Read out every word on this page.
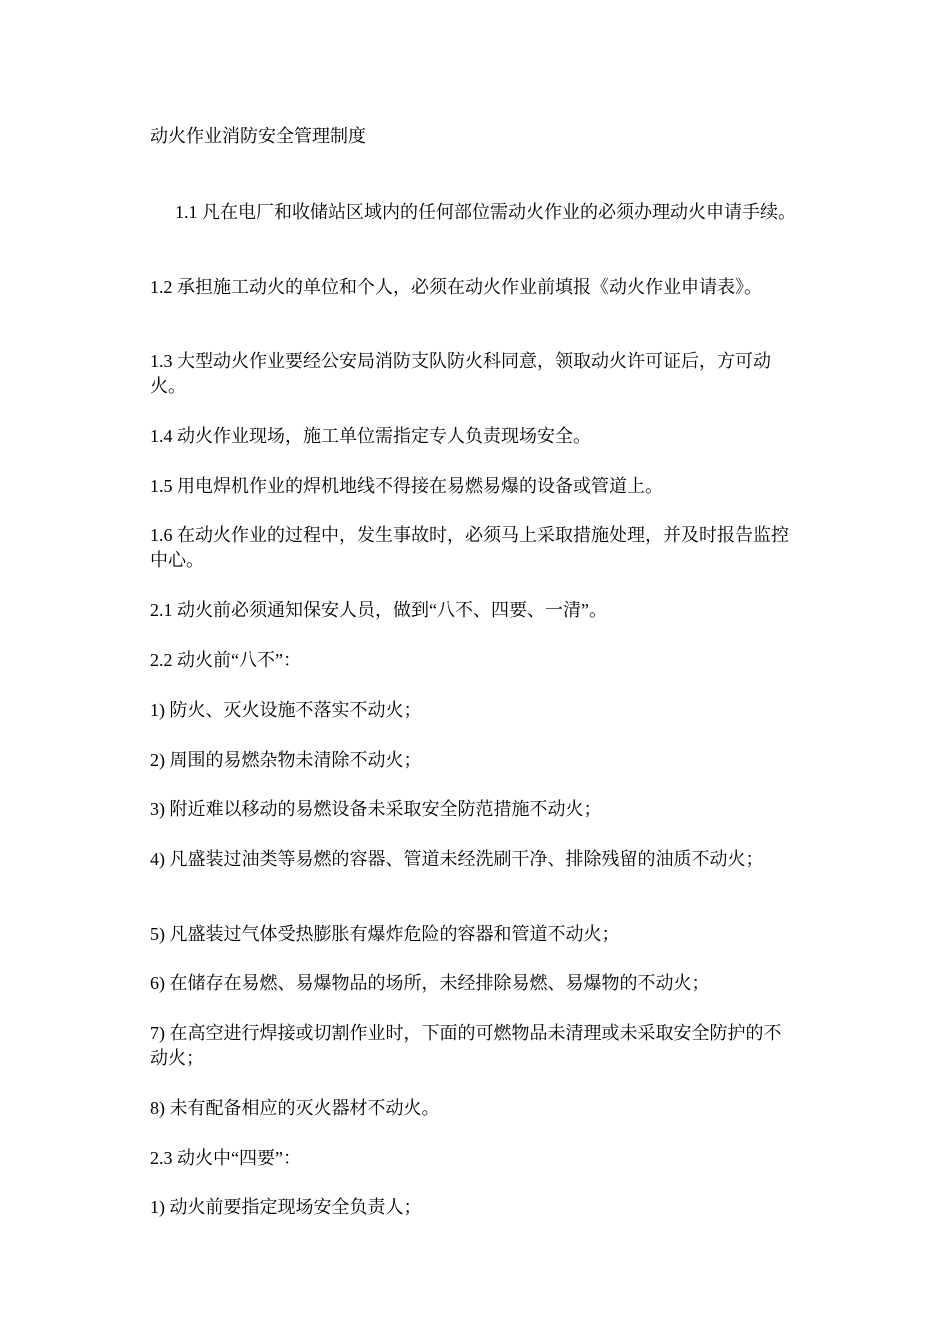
动火作业消防安全管理制度

1.1 凡在电厂和收储站区域内的任何部位需动火作业的必须办理动火申请手续。

1.2 承担施工动火的单位和个人，必须在动火作业前填报《动火作业申请表》。

1.3 大型动火作业要经公安局消防支队防火科同意，领取动火许可证后，方可动火。

1.4 动火作业现场，施工单位需指定专人负责现场安全。

1.5 用电焊机作业的焊机地线不得接在易燃易爆的设备或管道上。

1.6 在动火作业的过程中，发生事故时，必须马上采取措施处理，并及时报告监控中心。

2.1 动火前必须通知保安人员，做到“八不、四要、一清”。

2.2 动火前“八不”：

1) 防火、灭火设施不落实不动火；

2) 周围的易燃杂物未清除不动火；

3) 附近难以移动的易燃设备未采取安全防范措施不动火；

4) 凡盛装过油类等易燃的容器、管道未经洗刷干净、排除残留的油质不动火；

5) 凡盛装过气体受热膨胀有爆炸危险的容器和管道不动火；

6) 在储存在易燃、易爆物品的场所，未经排除易燃、易爆物的不动火；

7) 在高空进行焊接或切割作业时，下面的可燃物品未清理或未采取安全防护的不动火；

8) 未有配备相应的灭火器材不动火。

2.3 动火中“四要”：

1) 动火前要指定现场安全负责人；
